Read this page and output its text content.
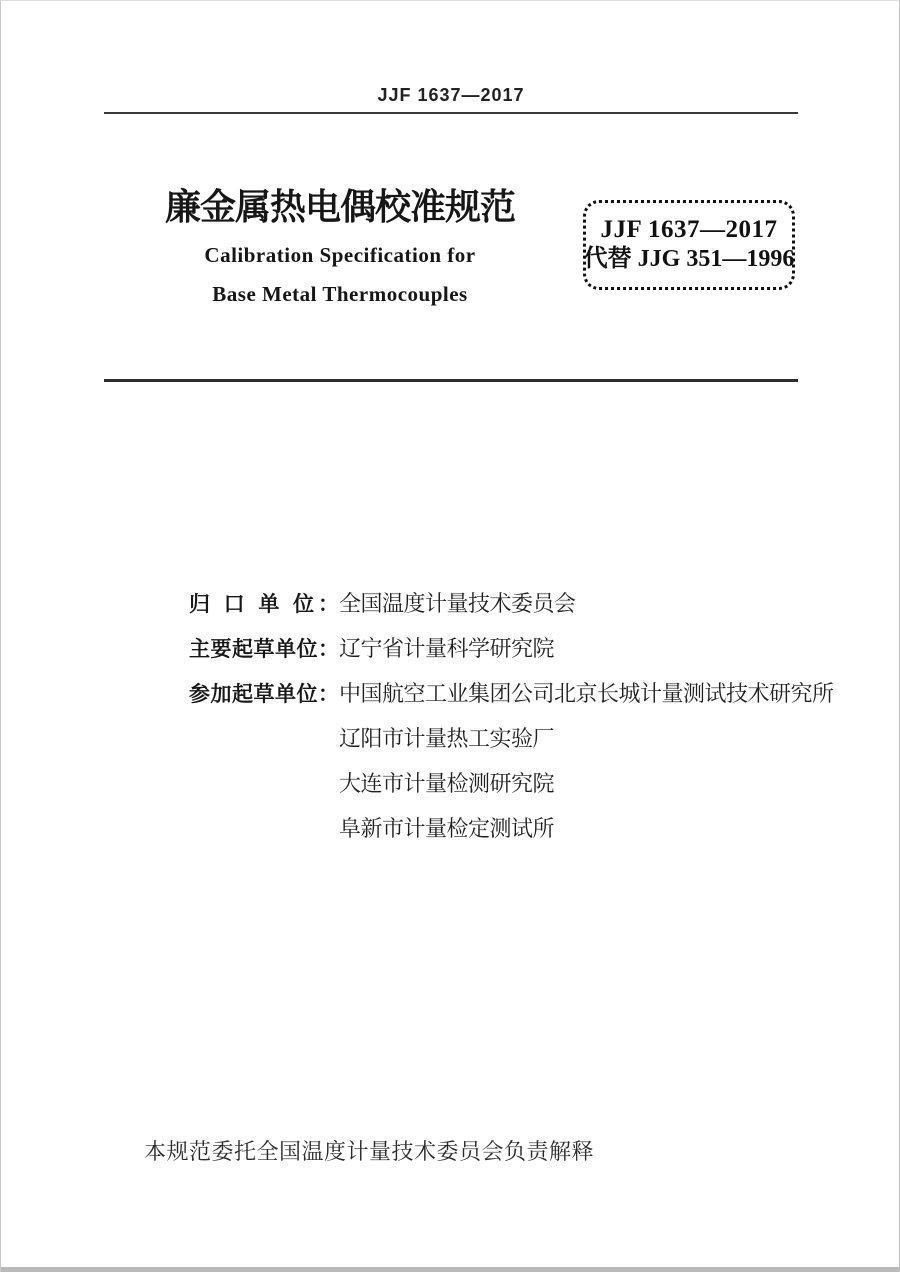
JJF 1637—2017
廉金属热电偶校准规范
Calibration Specification for
Base Metal Thermocouples
JJF 1637—2017
代替 JJG 351—1996
归 口 单 位： 全国温度计量技术委员会
主要起草单位： 辽宁省计量科学研究院
参加起草单位： 中国航空工业集团公司北京长城计量测试技术研究所
辽阳市计量热工实验厂
大连市计量检测研究院
阜新市计量检定测试所
本规范委托全国温度计量技术委员会负责解释
